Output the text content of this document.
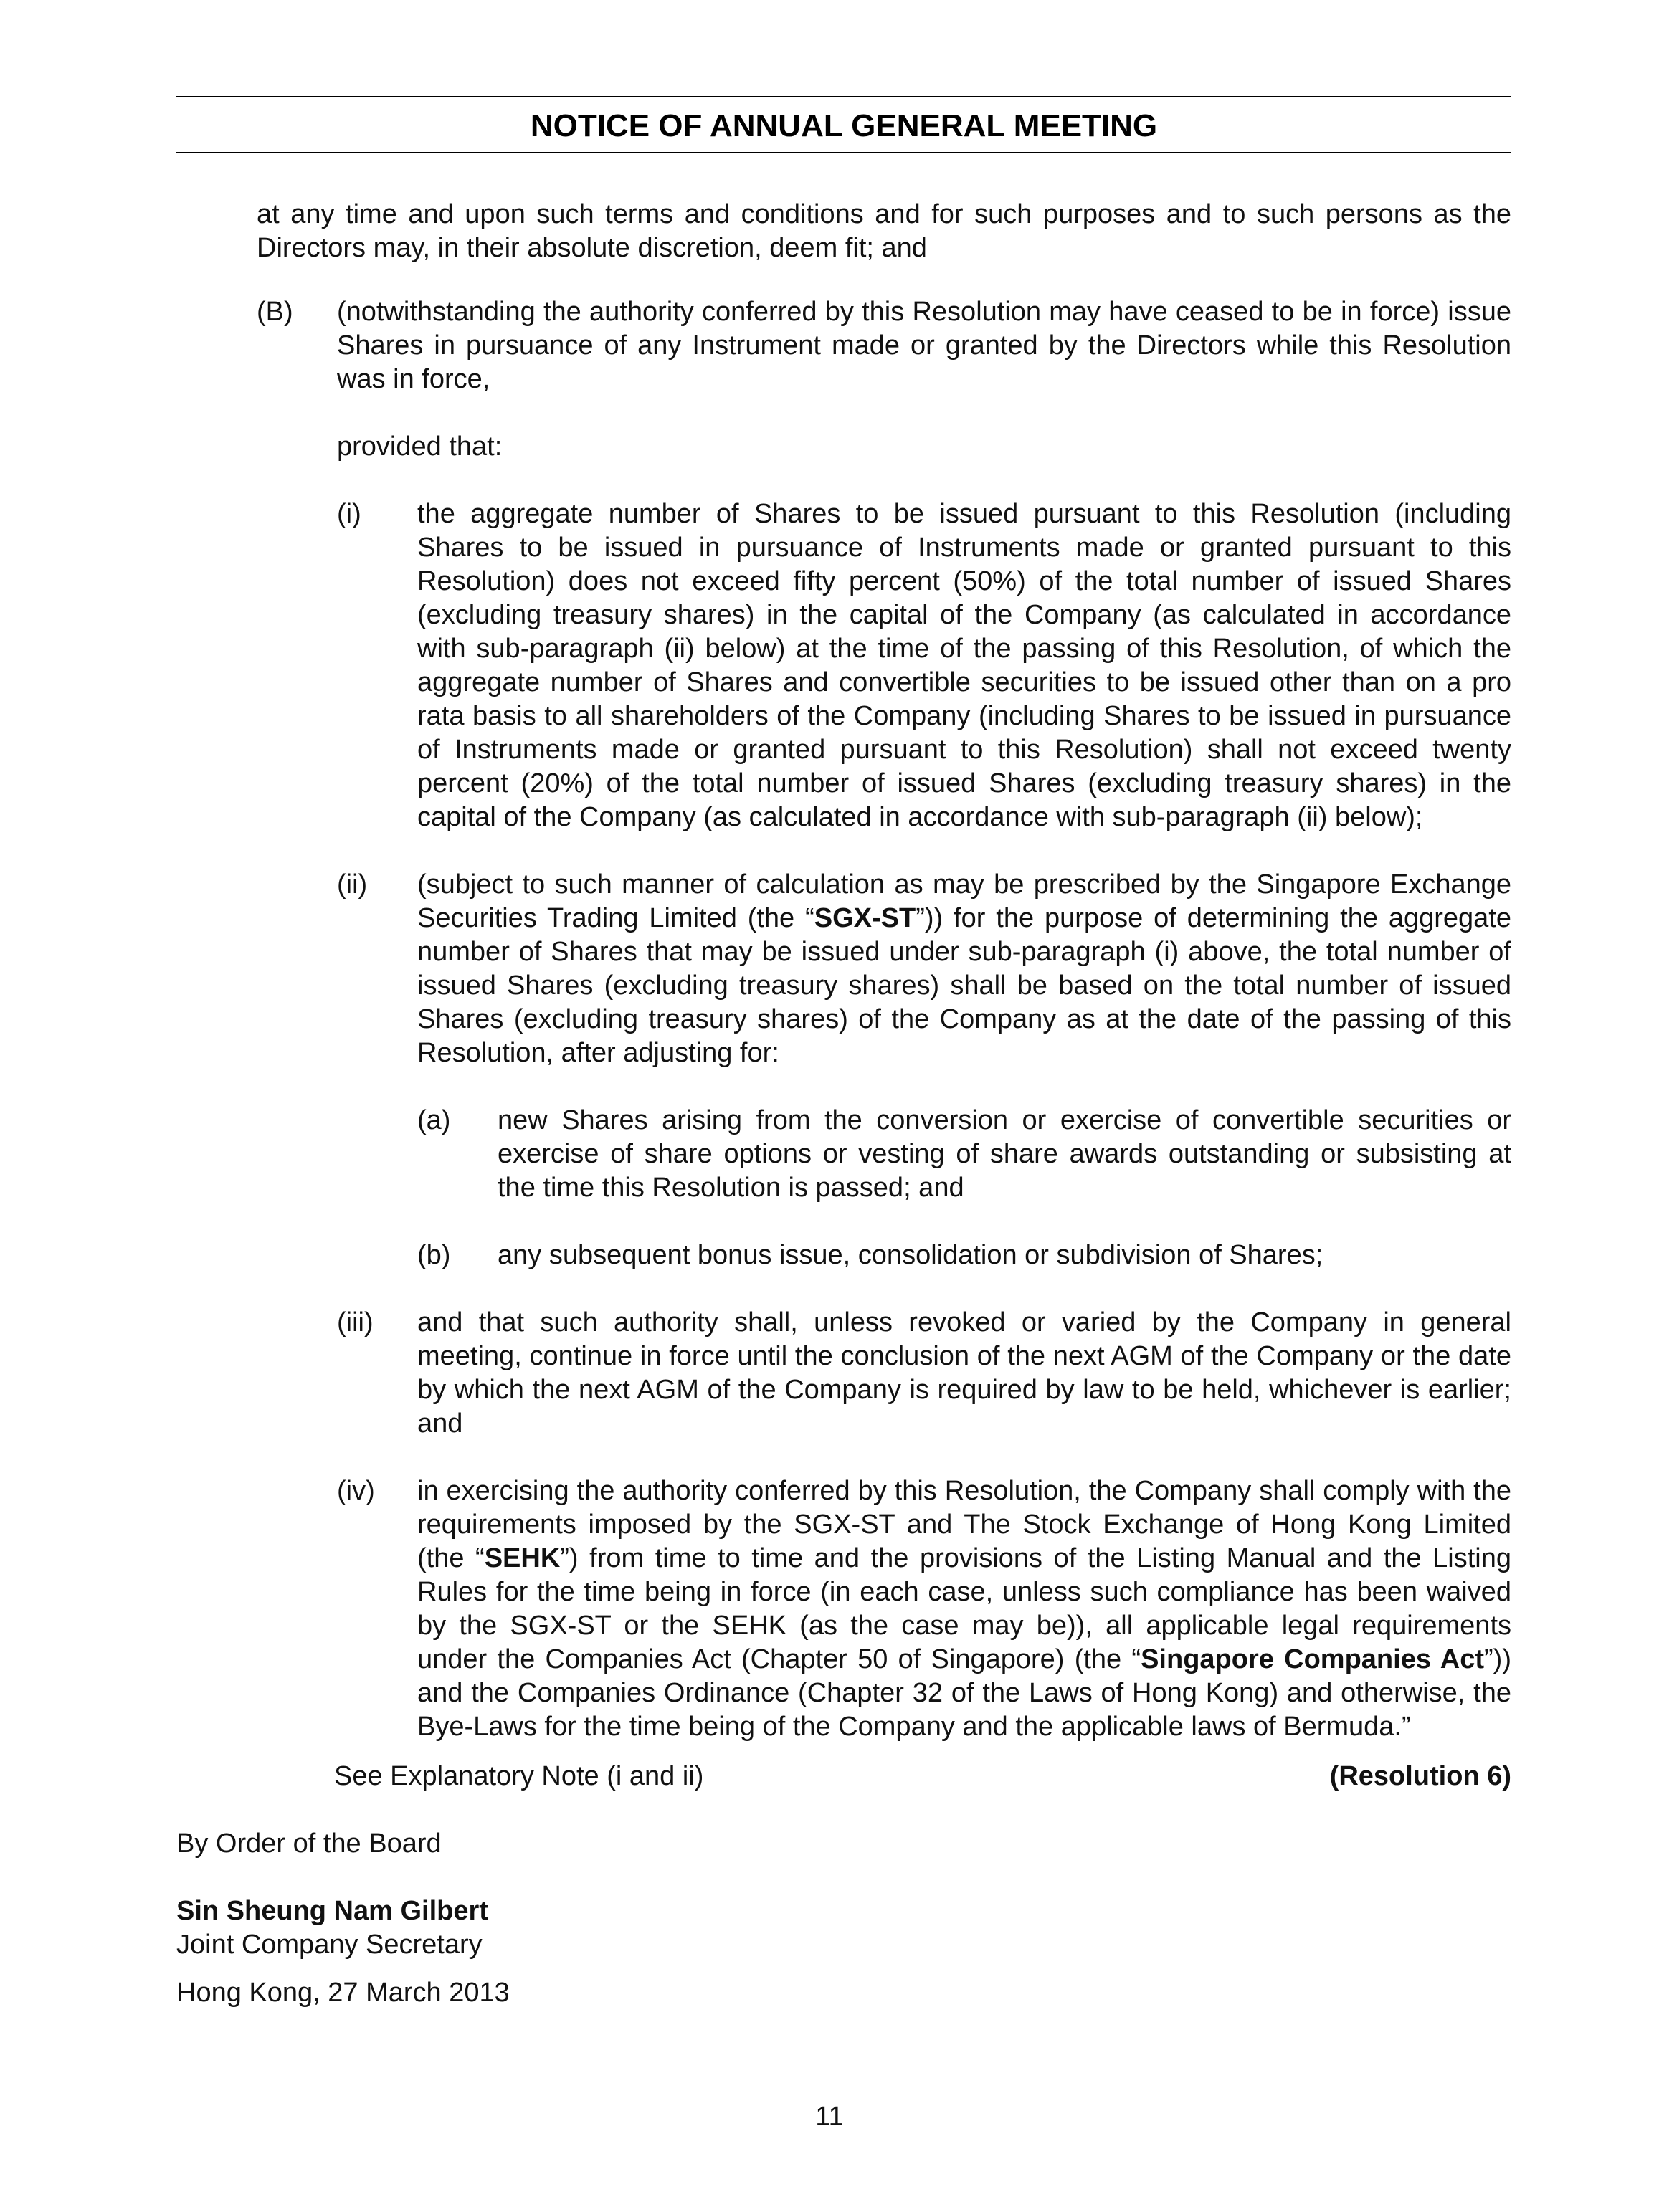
NOTICE OF ANNUAL GENERAL MEETING

at any time and upon such terms and conditions and for such purposes and to such persons as the Directors may, in their absolute discretion, deem fit; and

(B)	(notwithstanding the authority conferred by this Resolution may have ceased to be in force) issue Shares in pursuance of any Instrument made or granted by the Directors while this Resolution was in force,

provided that:

(i)	the aggregate number of Shares to be issued pursuant to this Resolution (including Shares to be issued in pursuance of Instruments made or granted pursuant to this Resolution) does not exceed fifty percent (50%) of the total number of issued Shares (excluding treasury shares) in the capital of the Company (as calculated in accordance with sub-paragraph (ii) below) at the time of the passing of this Resolution, of which the aggregate number of Shares and convertible securities to be issued other than on a pro rata basis to all shareholders of the Company (including Shares to be issued in pursuance of Instruments made or granted pursuant to this Resolution) shall not exceed twenty percent (20%) of the total number of issued Shares (excluding treasury shares) in the capital of the Company (as calculated in accordance with sub-paragraph (ii) below);
(ii)	(subject to such manner of calculation as may be prescribed by the Singapore Exchange Securities Trading Limited (the “SGX-ST”)) for the purpose of determining the aggregate number of Shares that may be issued under sub-paragraph (i) above, the total number of issued Shares (excluding treasury shares) shall be based on the total number of issued Shares (excluding treasury shares) of the Company as at the date of the passing of this Resolution, after adjusting for:
(a)	new Shares arising from the conversion or exercise of convertible securities or exercise of share options or vesting of share awards outstanding or subsisting at the time this Resolution is passed; and
(b)	any subsequent bonus issue, consolidation or subdivision of Shares;
(iii)	and that such authority shall, unless revoked or varied by the Company in general meeting, continue in force until the conclusion of the next AGM of the Company or the date by which the next AGM of the Company is required by law to be held, whichever is earlier; and
(iv)	in exercising the authority conferred by this Resolution, the Company shall comply with the requirements imposed by the SGX-ST and The Stock Exchange of Hong Kong Limited (the “SEHK”) from time to time and the provisions of the Listing Manual and the Listing Rules for the time being in force (in each case, unless such compliance has been waived by the SGX-ST or the SEHK (as the case may be)), all applicable legal requirements under the Companies Act (Chapter 50 of Singapore) (the “Singapore Companies Act”)) and the Companies Ordinance (Chapter 32 of the Laws of Hong Kong) and otherwise, the Bye-Laws for the time being of the Company and the applicable laws of Bermuda.”
See Explanatory Note (i and ii)	(Resolution 6)

By Order of the Board

Sin Sheung Nam Gilbert

Joint Company Secretary

Hong Kong, 27 March 2013

11
